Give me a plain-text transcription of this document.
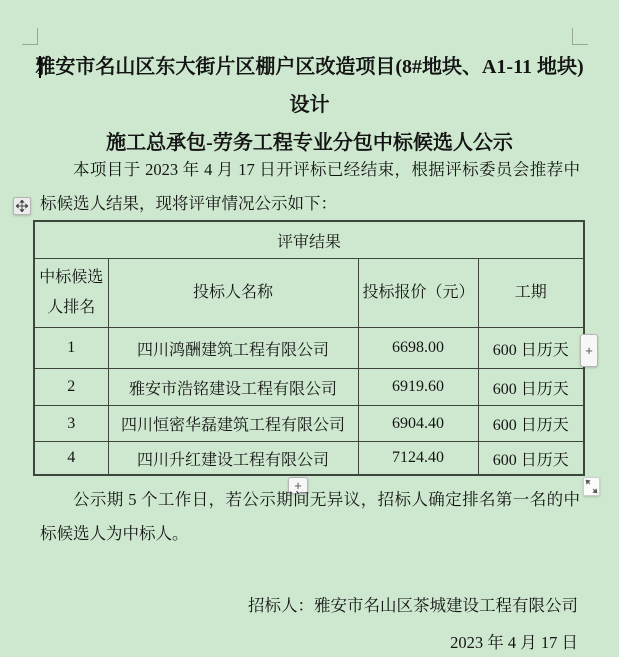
雅安市名山区东大街片区棚户区改造项目(8#地块、A1-11 地块) 设计
施工总承包-劳务工程专业分包中标候选人公示
本项目于 2023 年 4 月 17 日开评标已经结束，根据评标委员会推荐中标候选人结果，现将评审情况公示如下：
评审结果			
中标候选人排名	投标人名称	投标报价（元）	工期
1	四川鸿酬建筑工程有限公司	6698.00	600 日历天
2	雅安市浩铭建设工程有限公司	6919.60	600 日历天
3	四川恒密华磊建筑工程有限公司	6904.40	600 日历天
4	四川升红建设工程有限公司	7124.40	600 日历天
+
+
公示期 5 个工作日，若公示期间无异议，招标人确定排名第一名的中标候选人为中标人。
招标人：雅安市名山区茶城建设工程有限公司
2023 年 4 月 17 日
